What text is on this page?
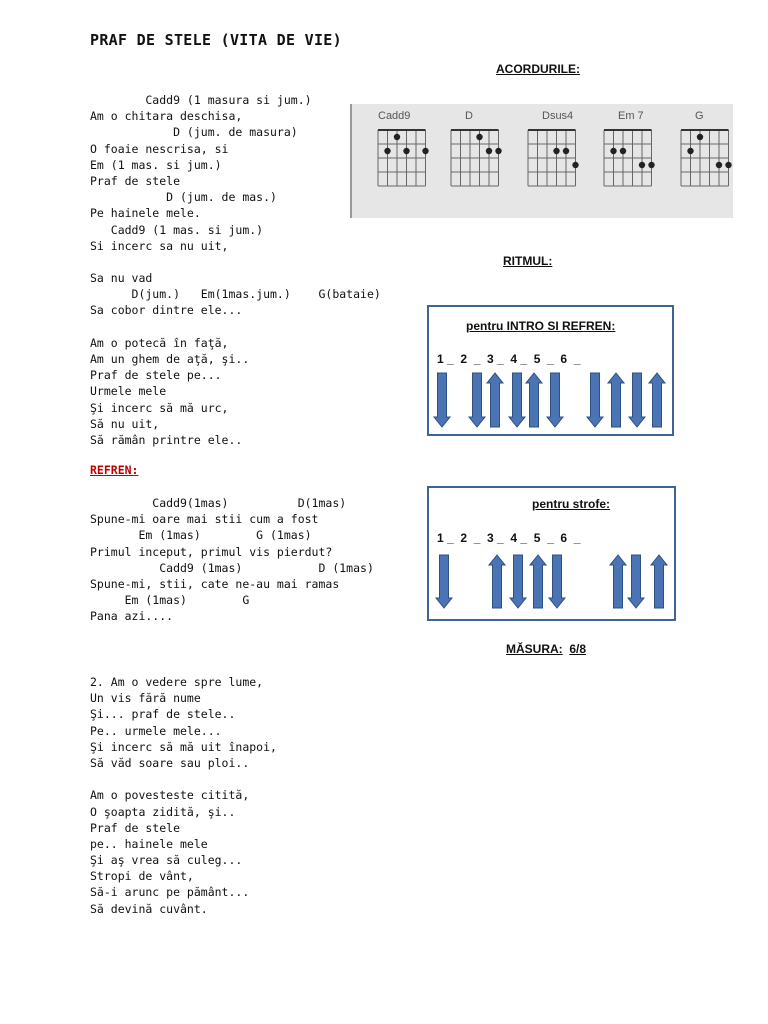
PRAF DE STELE (VITA DE VIE)
Cadd9 (1 masura si jum.)
Am o chitara deschisa,
D (jum. de masura)
O foaie nescrisa, si
Em (1 mas. si jum.)
Praf de stele
D (jum. de mas.)
Pe hainele mele.
Cadd9 (1 mas. si jum.)
Si incerc sa nu uit,
Sa nu vad
D(jum.)   Em(1mas.jum.)    G(bataie)
Sa cobor dintre ele...
Am o potecă în faţă,
Am un ghem de aţă, şi..
Praf de stele pe...
Urmele mele
Şi incerc să mă urc,
Să nu uit,
Să rămân printre ele..
REFREN:
Cadd9(1mas)          D(1mas)
Spune-mi oare mai stii cum a fost
Em (1mas)        G (1mas)
Primul inceput, primul vis pierdut?
Cadd9 (1mas)           D (1mas)
Spune-mi, stii, cate ne-au mai ramas
Em (1mas)        G
Pana azi....
2. Am o vedere spre lume,
Un vis fără nume
Şi... praf de stele..
Pe.. urmele mele...
Şi incerc să mă uit înapoi,
Să văd soare sau ploi..
Am o povesteste citită,
O şoapta zidită, şi..
Praf de stele
pe.. hainele mele
Şi aş vrea să culeg...
Stropi de vânt,
Să-i arunc pe pământ...
Să devină cuvânt.
ACORDURILE:
Cadd9	D	Dsus4	Em 7	G
RITMUL:
pentru INTRO SI REFREN:
1 _  2  _  3 _  4 _  5  _  6  _
pentru strofe:
1 _  2  _  3 _  4 _  5  _  6  _
MĂSURA: 6/8
